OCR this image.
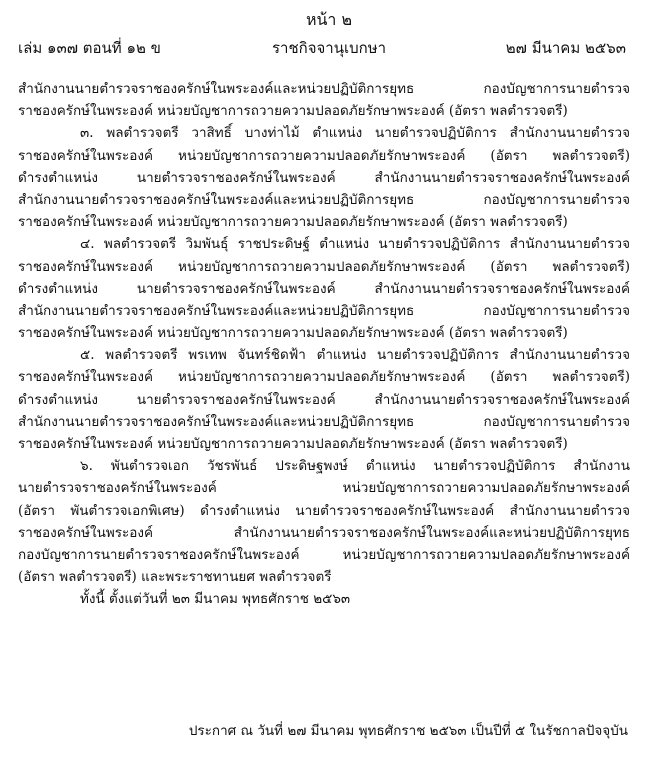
หน้า ๒
เล่ม ๑๓๗ ตอนที่ ๑๒ ข	ราชกิจจานุเบกษา	๒๗ มีนาคม ๒๕๖๓
สำนักงานนายตำรวจราชองครักษ์ในพระองค์และหน่วยปฏิบัติการยุทธ กองบัญชาการนายตำรวจ
ราชองครักษ์ในพระองค์ หน่วยบัญชาการถวายความปลอดภัยรักษาพระองค์ (อัตรา พลตำรวจตรี)
๓. พลตำรวจตรี วาสิทธิ์ บางท่าไม้ ตำแหน่ง นายตำรวจปฏิบัติการ สำนักงานนายตำรวจ
ราชองครักษ์ในพระองค์ หน่วยบัญชาการถวายความปลอดภัยรักษาพระองค์ (อัตรา พลตำรวจตรี)
ดำรงตำแหน่ง นายตำรวจราชองครักษ์ในพระองค์ สำนักงานนายตำรวจราชองครักษ์ในพระองค์
สำนักงานนายตำรวจราชองครักษ์ในพระองค์และหน่วยปฏิบัติการยุทธ กองบัญชาการนายตำรวจ
ราชองครักษ์ในพระองค์ หน่วยบัญชาการถวายความปลอดภัยรักษาพระองค์ (อัตรา พลตำรวจตรี)
๔. พลตำรวจตรี วิมพันธุ์ ราชประดิษฐ์ ตำแหน่ง นายตำรวจปฏิบัติการ สำนักงานนายตำรวจ
ราชองครักษ์ในพระองค์ หน่วยบัญชาการถวายความปลอดภัยรักษาพระองค์ (อัตรา พลตำรวจตรี)
ดำรงตำแหน่ง นายตำรวจราชองครักษ์ในพระองค์ สำนักงานนายตำรวจราชองครักษ์ในพระองค์
สำนักงานนายตำรวจราชองครักษ์ในพระองค์และหน่วยปฏิบัติการยุทธ กองบัญชาการนายตำรวจ
ราชองครักษ์ในพระองค์ หน่วยบัญชาการถวายความปลอดภัยรักษาพระองค์ (อัตรา พลตำรวจตรี)
๕. พลตำรวจตรี พรเทพ จันทร์ชิดฟ้า ตำแหน่ง นายตำรวจปฏิบัติการ สำนักงานนายตำรวจ
ราชองครักษ์ในพระองค์ หน่วยบัญชาการถวายความปลอดภัยรักษาพระองค์ (อัตรา พลตำรวจตรี)
ดำรงตำแหน่ง นายตำรวจราชองครักษ์ในพระองค์ สำนักงานนายตำรวจราชองครักษ์ในพระองค์
สำนักงานนายตำรวจราชองครักษ์ในพระองค์และหน่วยปฏิบัติการยุทธ กองบัญชาการนายตำรวจ
ราชองครักษ์ในพระองค์ หน่วยบัญชาการถวายความปลอดภัยรักษาพระองค์ (อัตรา พลตำรวจตรี)
๖. พันตำรวจเอก วัชรพันธ์ ประดิษฐพงษ์ ตำแหน่ง นายตำรวจปฏิบัติการ สำนักงาน
นายตำรวจราชองครักษ์ในพระองค์ หน่วยบัญชาการถวายความปลอดภัยรักษาพระองค์
(อัตรา พันตำรวจเอกพิเศษ) ดำรงตำแหน่ง นายตำรวจราชองครักษ์ในพระองค์ สำนักงานนายตำรวจ
ราชองครักษ์ในพระองค์ สำนักงานนายตำรวจราชองครักษ์ในพระองค์และหน่วยปฏิบัติการยุทธ
กองบัญชาการนายตำรวจราชองครักษ์ในพระองค์ หน่วยบัญชาการถวายความปลอดภัยรักษาพระองค์
(อัตรา พลตำรวจตรี) และพระราชทานยศ พลตำรวจตรี
ทั้งนี้ ตั้งแต่วันที่ ๒๓ มีนาคม พุทธศักราช ๒๕๖๓
ประกาศ ณ วันที่ ๒๗ มีนาคม พุทธศักราช ๒๕๖๓ เป็นปีที่ ๕ ในรัชกาลปัจจุบัน
